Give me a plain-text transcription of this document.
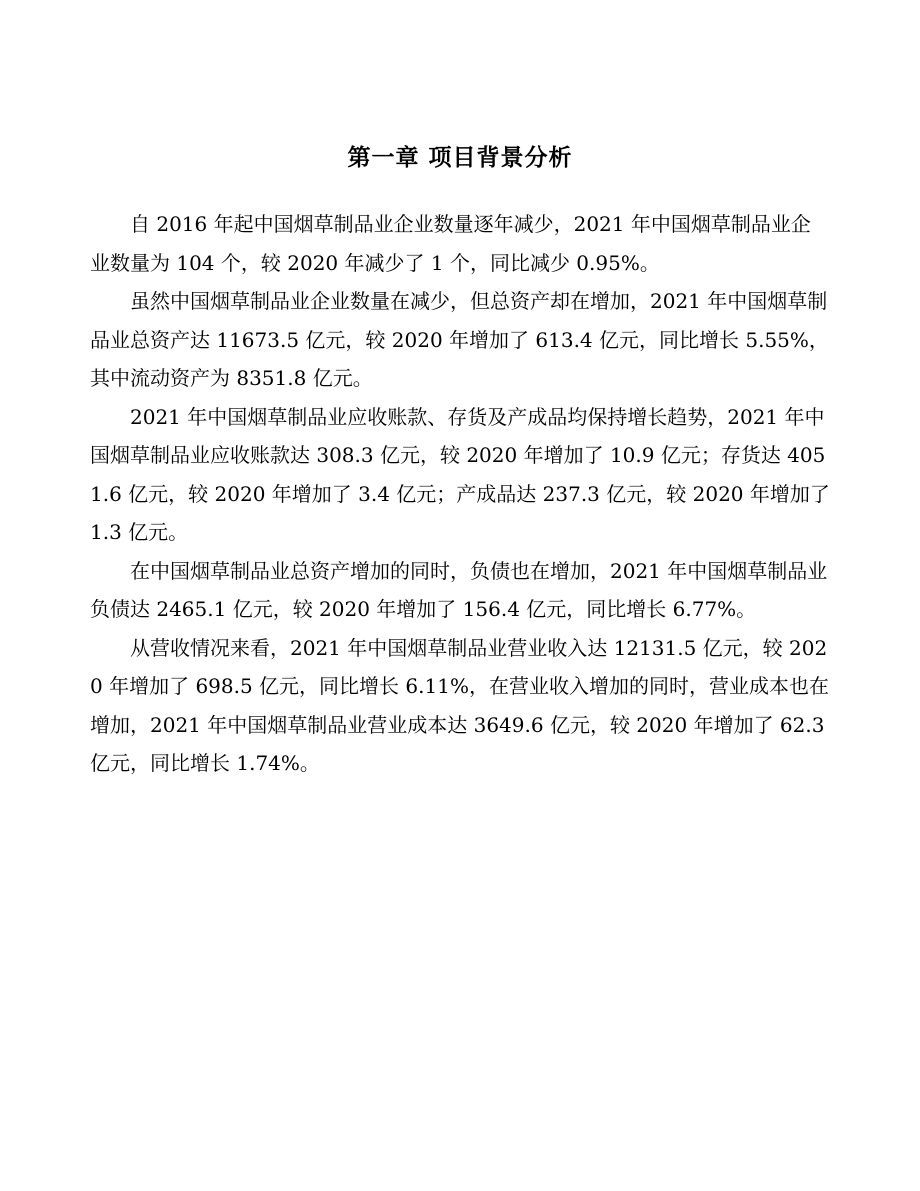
第一章 项目背景分析

自 2016 年起中国烟草制品业企业数量逐年减少，2021 年中国烟草制品业企业数量为 104 个，较 2020 年减少了 1 个，同比减少 0.95%。

虽然中国烟草制品业企业数量在减少，但总资产却在增加，2021 年中国烟草制品业总资产达 11673.5 亿元，较 2020 年增加了 613.4 亿元，同比增长 5.55%，其中流动资产为 8351.8 亿元。

2021 年中国烟草制品业应收账款、存货及产成品均保持增长趋势，2021 年中国烟草制品业应收账款达 308.3 亿元，较 2020 年增加了 10.9 亿元；存货达 4051.6 亿元，较 2020 年增加了 3.4 亿元；产成品达 237.3 亿元，较 2020 年增加了 1.3 亿元。

在中国烟草制品业总资产增加的同时，负债也在增加，2021 年中国烟草制品业负债达 2465.1 亿元，较 2020 年增加了 156.4 亿元，同比增长 6.77%。

从营收情况来看，2021 年中国烟草制品业营业收入达 12131.5 亿元，较 2020 年增加了 698.5 亿元，同比增长 6.11%，在营业收入增加的同时，营业成本也在增加，2021 年中国烟草制品业营业成本达 3649.6 亿元，较 2020 年增加了 62.3 亿元，同比增长 1.74%。
